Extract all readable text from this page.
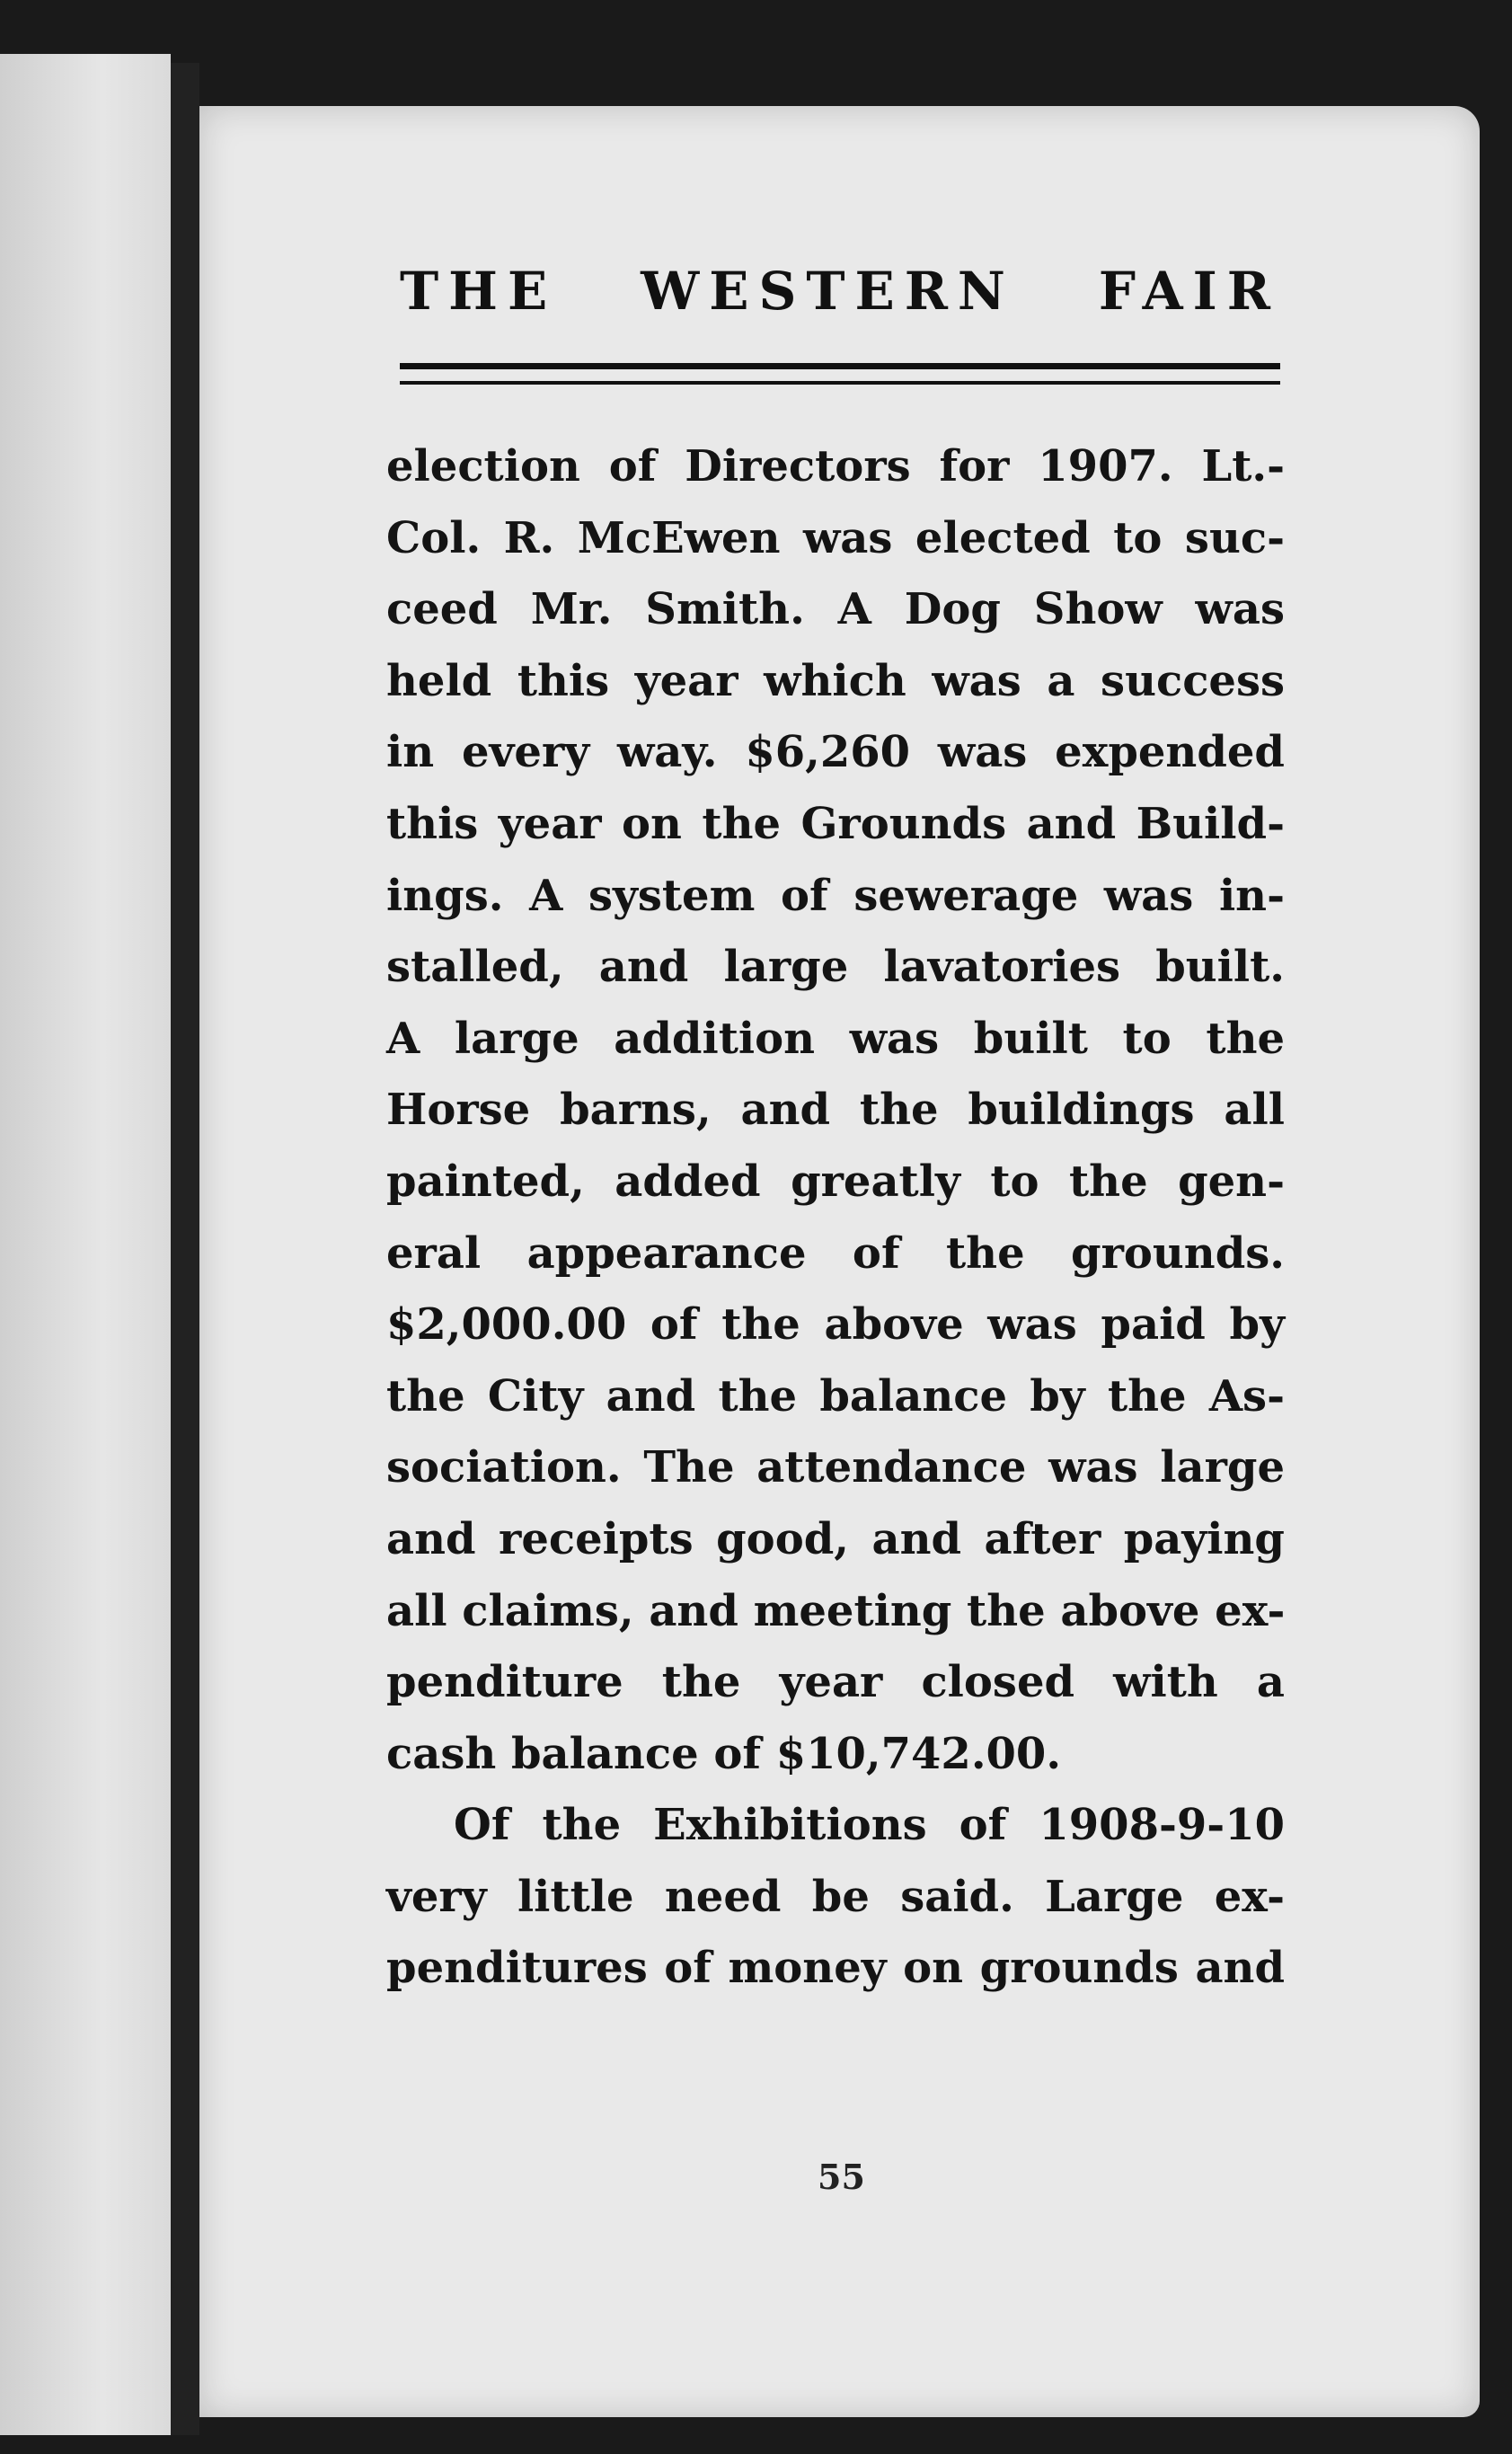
THE WESTERN FAIR
election of Directors for 1907. Lt.-
Col. R. McEwen was elected to suc-
ceed Mr. Smith. A Dog Show was
held this year which was a success
in every way. $6,260 was expended
this year on the Grounds and Build-
ings. A system of sewerage was in-
stalled, and large lavatories built.
A large addition was built to the
Horse barns, and the buildings all
painted, added greatly to the gen-
eral appearance of the grounds.
$2,000.00 of the above was paid by
the City and the balance by the As-
sociation. The attendance was large
and receipts good, and after paying
all claims, and meeting the above ex-
penditure the year closed with a
cash balance of $10,742.00.
Of the Exhibitions of 1908-9-10
very little need be said. Large ex-
penditures of money on grounds and
55
